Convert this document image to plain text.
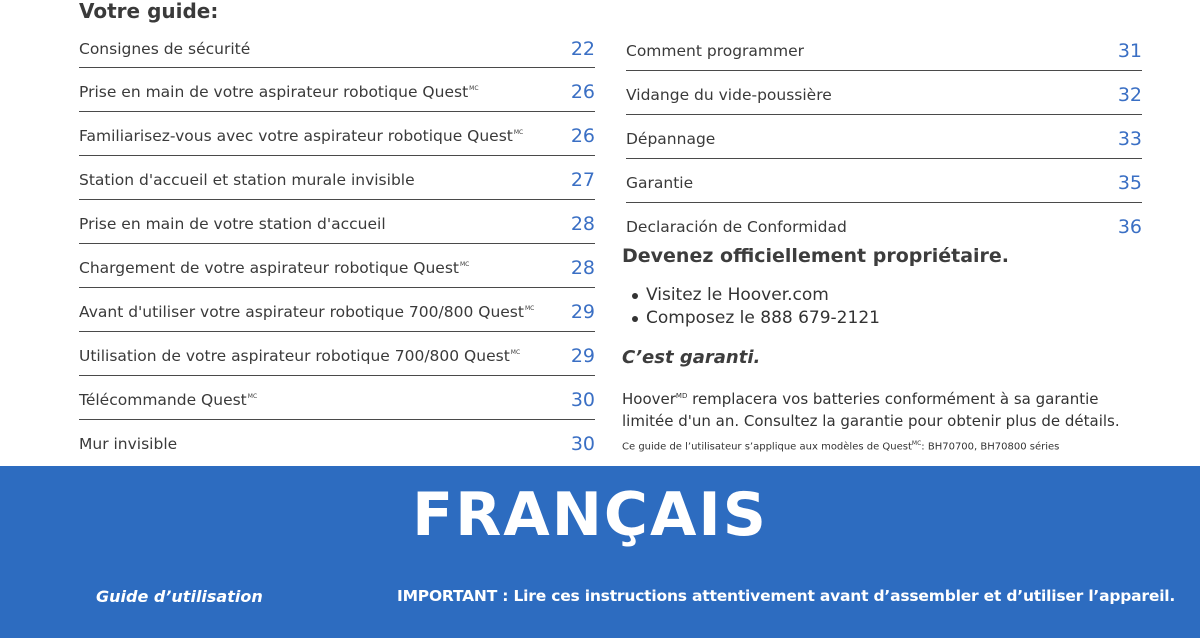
Votre guide:
Consignes de sécurité	22
Prise en main de votre aspirateur robotique Quest$^{MC}$	26
Familiarisez-vous avec votre aspirateur robotique Quest$^{MC}$	26
Station d'accueil et station murale invisible	27
Prise en main de votre station d'accueil	28
Chargement de votre aspirateur robotique Quest$^{MC}$	28
Avant d'utiliser votre aspirateur robotique 700/800 Quest$^{MC}$ 29
Utilisation de votre aspirateur robotique 700/800 Quest$^{MC}$	29
Télécommande Quest$^{MC}$	30
Mur invisible	30
Comment programmer	31
Vidange du vide-poussière	32
Dépannage	33
Garantie	35
Declaración de Conformidad	36
Devenez officiellement propriétaire.
Visitez le Hoover.com
Composez le 888 679-2121
C’est garanti.

Hoover$^{MD}$ remplacera vos batteries conformément à sa garantie limitée d'un an. Consultez la garantie pour obtenir plus de détails.

Ce guide de l’utilisateur s’applique aux modèles de Quest$^{MC}$: BH70700, BH70800 séries
FRANÇAIS
Guide d’utilisation	IMPORTANT : Lire ces instructions attentivement avant d’assembler et d’utiliser l’appareil.
